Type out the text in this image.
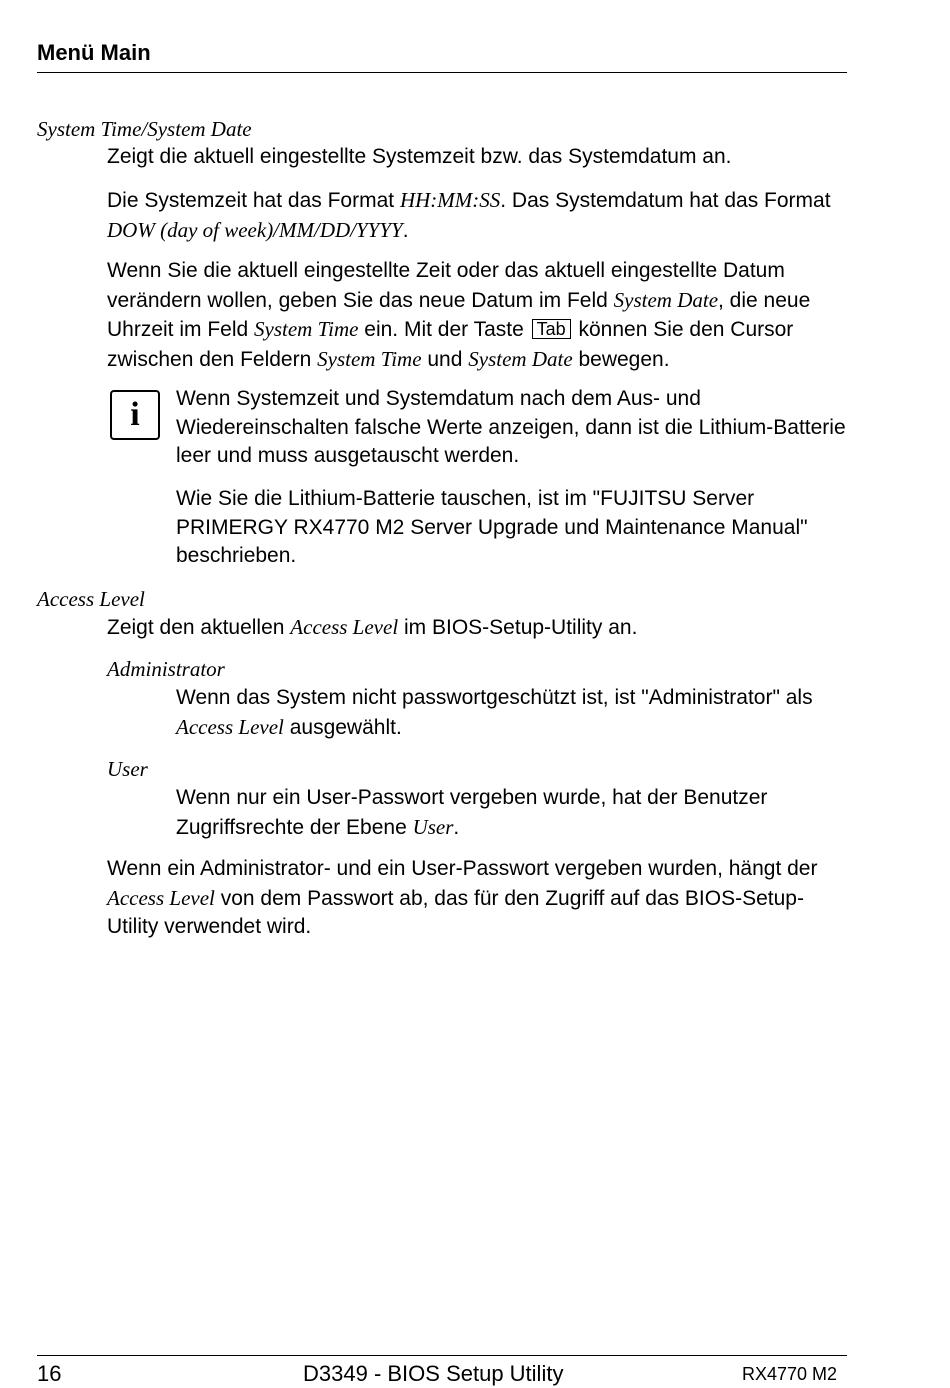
Menü Main
System Time/System Date

Zeigt die aktuell eingestellte Systemzeit bzw. das Systemdatum an.

Die Systemzeit hat das Format HH:MM:SS. Das Systemdatum hat das Format DOW (day of week)/MM/DD/YYYY.

Wenn Sie die aktuell eingestellte Zeit oder das aktuell eingestellte Datum verändern wollen, geben Sie das neue Datum im Feld System Date, die neue Uhrzeit im Feld System Time ein. Mit der Taste Tab können Sie den Cursor zwischen den Feldern System Time und System Date bewegen.

i	Wenn Systemzeit und Systemdatum nach dem Aus- und Wiedereinschalten falsche Werte anzeigen, dann ist die Lithium-Batterie leer und muss ausgetauscht werden.

Wie Sie die Lithium-Batterie tauschen, ist im "FUJITSU Server PRIMERGY RX4770 M2 Server Upgrade und Maintenance Manual" beschrieben.

Access Level

Zeigt den aktuellen Access Level im BIOS-Setup-Utility an.

Administrator

Wenn das System nicht passwortgeschützt ist, ist "Administrator" als Access Level ausgewählt.

User

Wenn nur ein User-Passwort vergeben wurde, hat der Benutzer Zugriffsrechte der Ebene User.

Wenn ein Administrator- und ein User-Passwort vergeben wurden, hängt der Access Level von dem Passwort ab, das für den Zugriff auf das BIOS-Setup-Utility verwendet wird.

16	D3349 - BIOS Setup Utility	RX4770 M2
